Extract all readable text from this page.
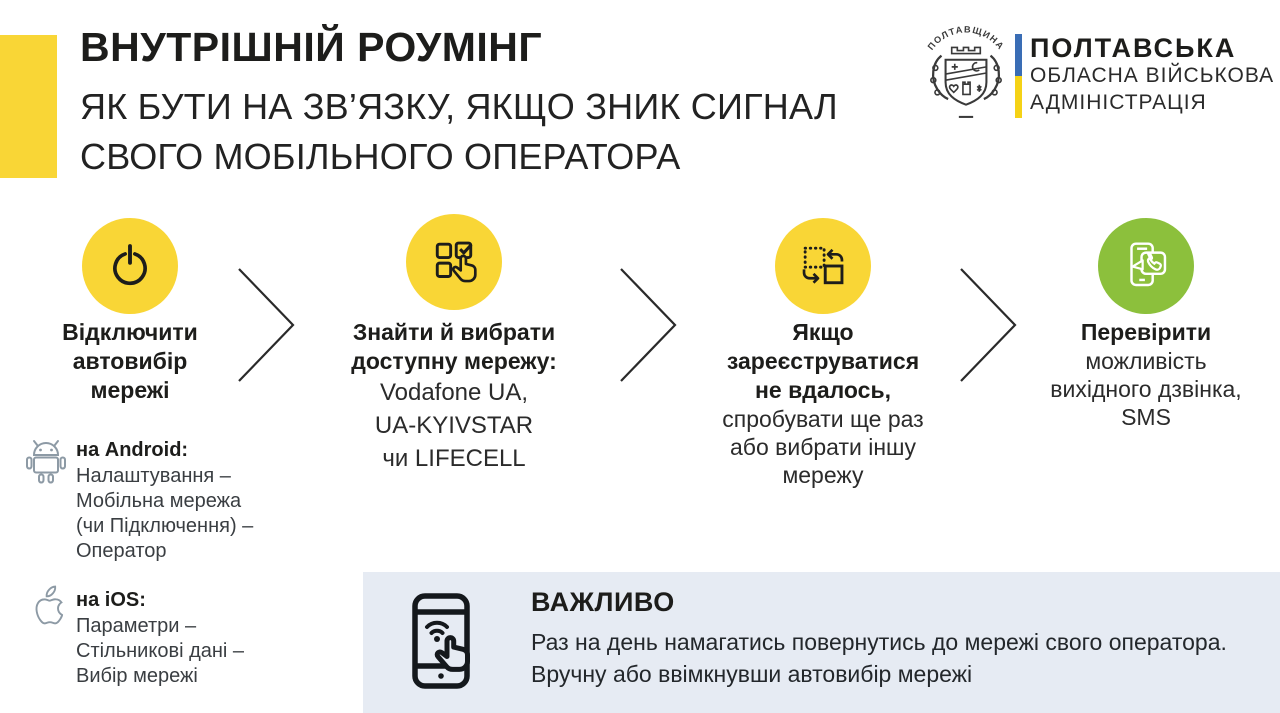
ВНУТРІШНІЙ РОУМІНГ
ЯК БУТИ НА ЗВ’ЯЗКУ, ЯКЩО ЗНИК СИГНАЛ
СВОГО МОБІЛЬНОГО ОПЕРАТОРА
ПОЛТАВЩИНА ПОЛТАВСЬКА
ОБЛАСНА ВІЙСЬКОВА
АДМІНІСТРАЦІЯ
Відключити
автовибір
мережі
Знайти й вибрати
доступну мережу:
Vodafone UA,
UA-KYIVSTAR
чи LIFECELL
Якщо
зареєструватися
не вдалось,
спробувати ще раз
або вибрати іншу
мережу
Перевірити
можливість
вихідного дзвінка,
SMS
на Android:
Налаштування –
Мобільна мережа
(чи Підключення) –
Оператор
на iOS:
Параметри –
Стільникові дані –
Вибір мережі
ВАЖЛИВО
Раз на день намагатись повернутись до мережі свого оператора.
Вручну або ввімкнувши автовибір мережі
